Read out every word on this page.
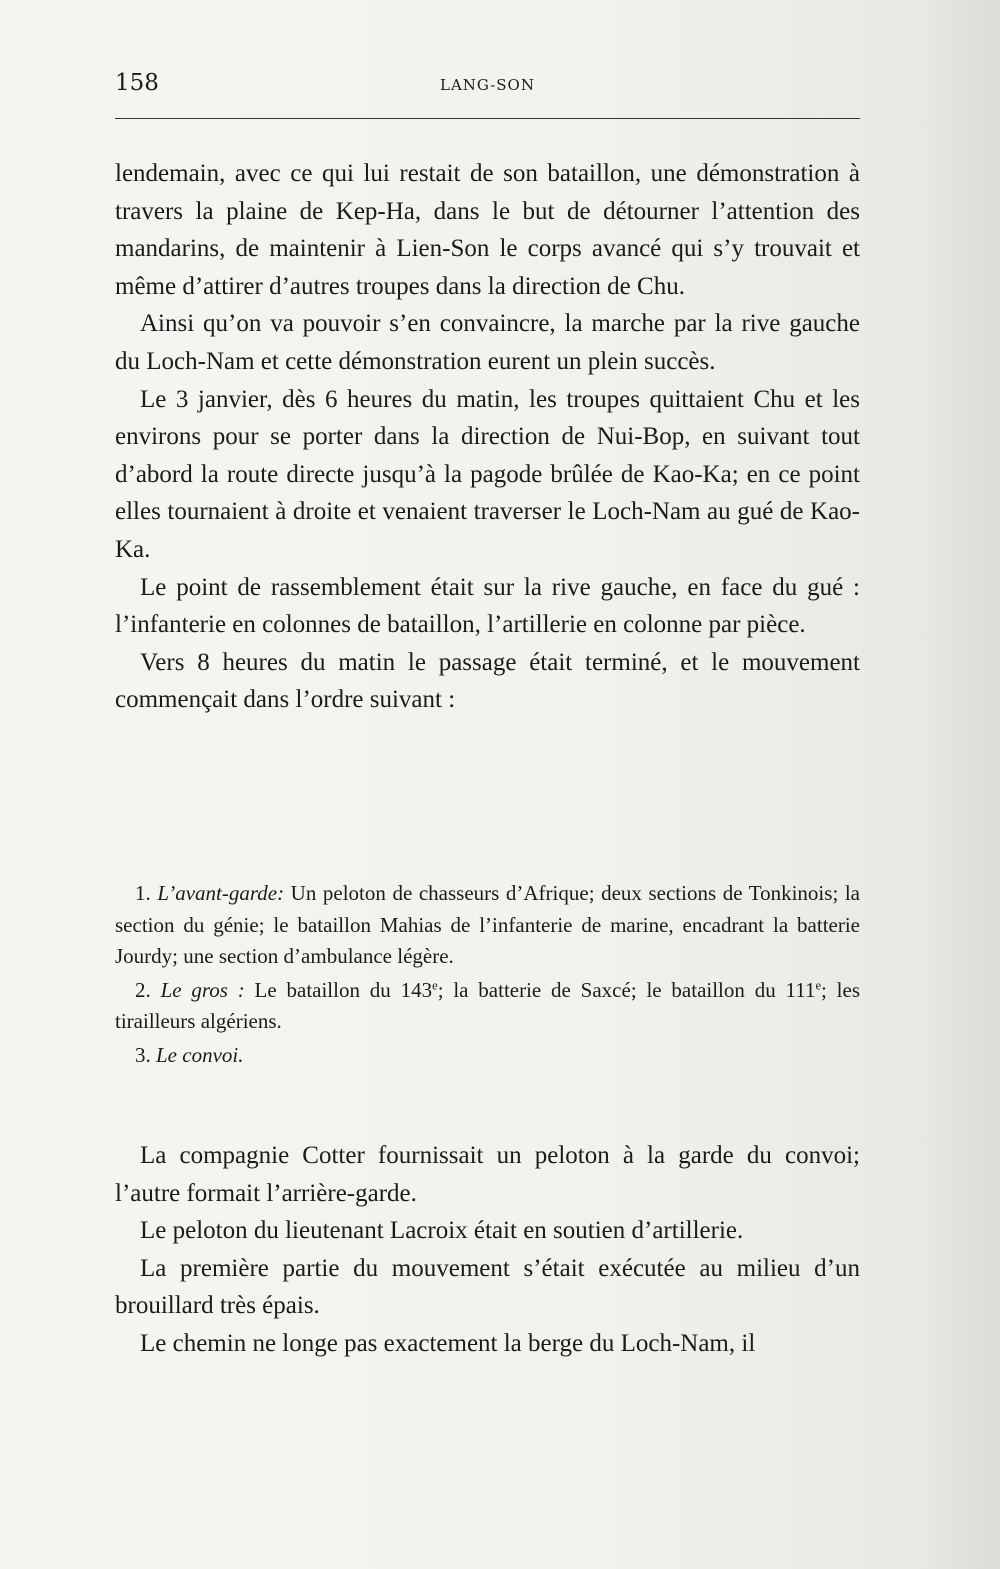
158	LANG-SON

lendemain, avec ce qui lui restait de son bataillon, une démonstration à travers la plaine de Kep-Ha, dans le but de détourner l’attention des mandarins, de maintenir à Lien-Son le corps avancé qui s’y trouvait et même d’attirer d’autres troupes dans la direction de Chu.

Ainsi qu’on va pouvoir s’en convaincre, la marche par la rive gauche du Loch-Nam et cette démonstration eurent un plein succès.

Le 3 janvier, dès 6 heures du matin, les troupes quittaient Chu et les environs pour se porter dans la direction de Nui-Bop, en suivant tout d’abord la route directe jusqu’à la pagode brûlée de Kao-Ka; en ce point elles tournaient à droite et venaient traverser le Loch-Nam au gué de Kao-Ka.

Le point de rassemblement était sur la rive gauche, en face du gué : l’infanterie en colonnes de bataillon, l’artillerie en colonne par pièce.

Vers 8 heures du matin le passage était terminé, et le mouvement commençait dans l’ordre suivant :

1. L’avant-garde: Un peloton de chasseurs d’Afrique; deux sections de Tonkinois; la section du génie; le bataillon Mahias de l’infanterie de marine, encadrant la batterie Jourdy; une section d’ambulance légère.

2. Le gros : Le bataillon du 143e; la batterie de Saxcé; le bataillon du 111e; les tirailleurs algériens.

3. Le convoi.

La compagnie Cotter fournissait un peloton à la garde du convoi; l’autre formait l’arrière-garde.

Le peloton du lieutenant Lacroix était en soutien d’artillerie.

La première partie du mouvement s’était exécutée au milieu d’un brouillard très épais.

Le chemin ne longe pas exactement la berge du Loch-Nam, il
